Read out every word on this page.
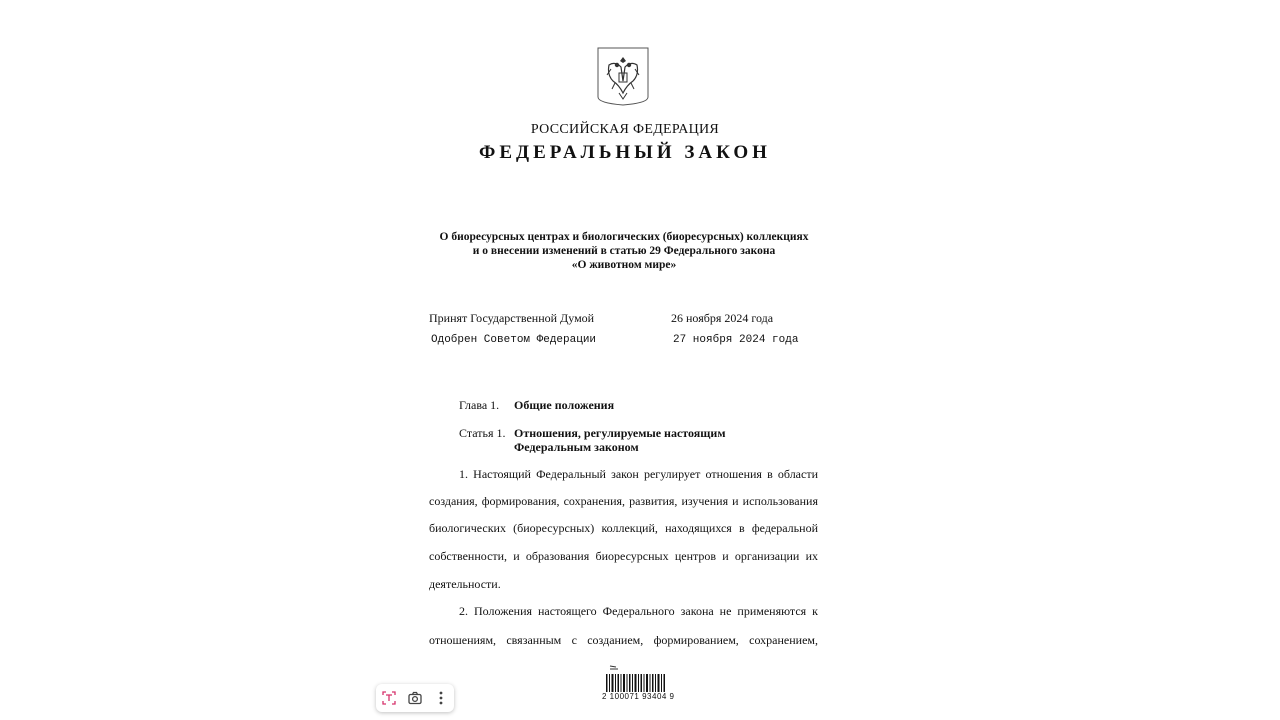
РОССИЙСКАЯ ФЕДЕРАЦИЯ
ФЕДЕРАЛЬНЫЙ ЗАКОН
О биоресурсных центрах и биологических (биоресурсных) коллекциях
и о внесении изменений в статью 29 Федерального закона
«О животном мире»
Принят Государственной Думой	26 ноября 2024 года
Одобрен Советом Федерации	27 ноября 2024 года
Глава 1.	Общие положения
Статья 1. Отношения, регулируемые настоящим
Федеральным законом
1. Настоящий Федеральный закон регулирует отношения в области
создания, формирования, сохранения, развития, изучения и использования
биологических (биоресурсных) коллекций, находящихся в федеральной
собственности, и образования биоресурсных центров и организации их
деятельности.
2. Положения настоящего Федерального закона не применяются к
отношениям, связанным с созданием, формированием, сохранением,
2 100071 93404 9
